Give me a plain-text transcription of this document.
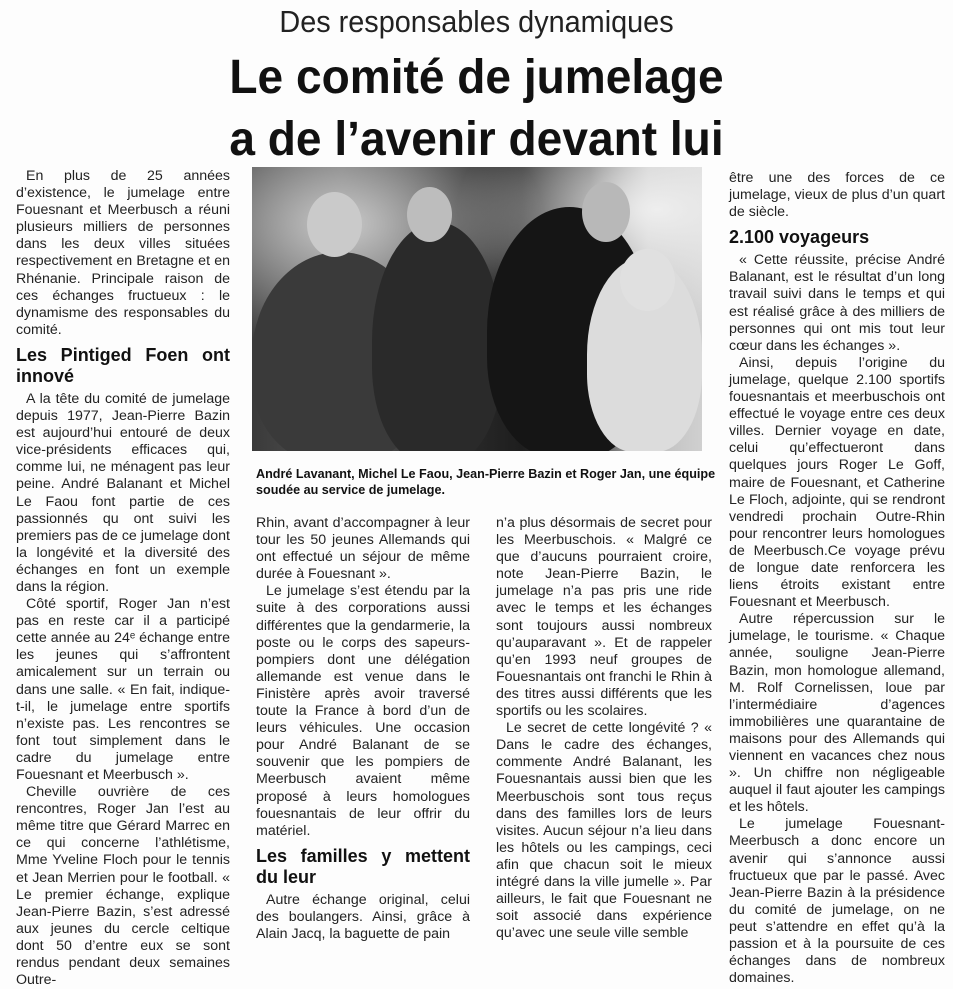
Des responsables dynamiques
Le comité de jumelage
a de l’avenir devant lui

En plus de 25 années d’existence, le jumelage entre Fouesnant et Meerbusch a réuni plusieurs milliers de personnes dans les deux villes situées respectivement en Bretagne et en Rhénanie. Principale raison de ces échanges fructueux : le dynamisme des responsables du comité.

Les Pintiged Foen ont innové

A la tête du comité de jumelage depuis 1977, Jean-Pierre Bazin est aujourd’hui entouré de deux vice-présidents efficaces qui, comme lui, ne ménagent pas leur peine. André Balanant et Michel Le Faou font partie de ces passionnés qu ont suivi les premiers pas de ce jumelage dont la longévité et la diversité des échanges en font un exemple dans la région.

Côté sportif, Roger Jan n’est pas en reste car il a participé cette année au 24ᵉ échange entre les jeunes qui s’affrontent amicalement sur un terrain ou dans une salle. « En fait, indique-t-il, le jumelage entre sportifs n’existe pas. Les rencontres se font tout simplement dans le cadre du jumelage entre Fouesnant et Meerbusch ».

Cheville ouvrière de ces rencontres, Roger Jan l’est au même titre que Gérard Marrec en ce qui concerne l’athlétisme, Mme Yveline Floch pour le tennis et Jean Merrien pour le football. « Le premier échange, explique Jean-Pierre Bazin, s’est adressé aux jeunes du cercle celtique dont 50 d’entre eux se sont rendus pendant deux semaines Outre-

André Lavanant, Michel Le Faou, Jean-Pierre Bazin et Roger Jan, une équipe soudée au service de jumelage.

Rhin, avant d’accompagner à leur tour les 50 jeunes Allemands qui ont effectué un séjour de même durée à Fouesnant ».

Le jumelage s’est étendu par la suite à des corporations aussi différentes que la gendarmerie, la poste ou le corps des sapeurs-pompiers dont une délégation allemande est venue dans le Finistère après avoir traversé toute la France à bord d’un de leurs véhicules. Une occasion pour André Balanant de se souvenir que les pompiers de Meerbusch avaient même proposé à leurs homologues fouesnantais de leur offrir du matériel.

Les familles y mettent du leur

Autre échange original, celui des boulangers. Ainsi, grâce à Alain Jacq, la baguette de pain

n’a plus désormais de secret pour les Meerbuschois. « Malgré ce que d’aucuns pourraient croire, note Jean-Pierre Bazin, le jumelage n’a pas pris une ride avec le temps et les échanges sont toujours aussi nombreux qu’auparavant ». Et de rappeler qu’en 1993 neuf groupes de Fouesnantais ont franchi le Rhin à des titres aussi différents que les sportifs ou les scolaires.

Le secret de cette longévité ? « Dans le cadre des échanges, commente André Balanant, les Fouesnantais aussi bien que les Meerbuschois sont tous reçus dans des familles lors de leurs visites. Aucun séjour n’a lieu dans les hôtels ou les campings, ceci afin que chacun soit le mieux intégré dans la ville jumelle ». Par ailleurs, le fait que Fouesnant ne soit associé dans expérience qu’avec une seule ville semble

être une des forces de ce jumelage, vieux de plus d’un quart de siècle.

2.100 voyageurs

« Cette réussite, précise André Balanant, est le résultat d’un long travail suivi dans le temps et qui est réalisé grâce à des milliers de personnes qui ont mis tout leur cœur dans les échanges ».

Ainsi, depuis l’origine du jumelage, quelque 2.100 sportifs fouesnantais et meerbuschois ont effectué le voyage entre ces deux villes. Dernier voyage en date, celui qu’effectueront dans quelques jours Roger Le Goff, maire de Fouesnant, et Catherine Le Floch, adjointe, qui se rendront vendredi prochain Outre-Rhin pour rencontrer leurs homologues de Meerbusch.Ce voyage prévu de longue date renforcera les liens étroits existant entre Fouesnant et Meerbusch.

Autre répercussion sur le jumelage, le tourisme. « Chaque année, souligne Jean-Pierre Bazin, mon homologue allemand, M. Rolf Cornelissen, loue par l’intermédiaire d’agences immobilières une quarantaine de maisons pour des Allemands qui viennent en vacances chez nous ». Un chiffre non négligeable auquel il faut ajouter les campings et les hôtels.

Le jumelage Fouesnant-Meerbusch a donc encore un avenir qui s’annonce aussi fructueux que par le passé. Avec Jean-Pierre Bazin à la présidence du comité de jumelage, on ne peut s’attendre en effet qu’à la passion et à la poursuite de ces échanges dans de nombreux domaines.
